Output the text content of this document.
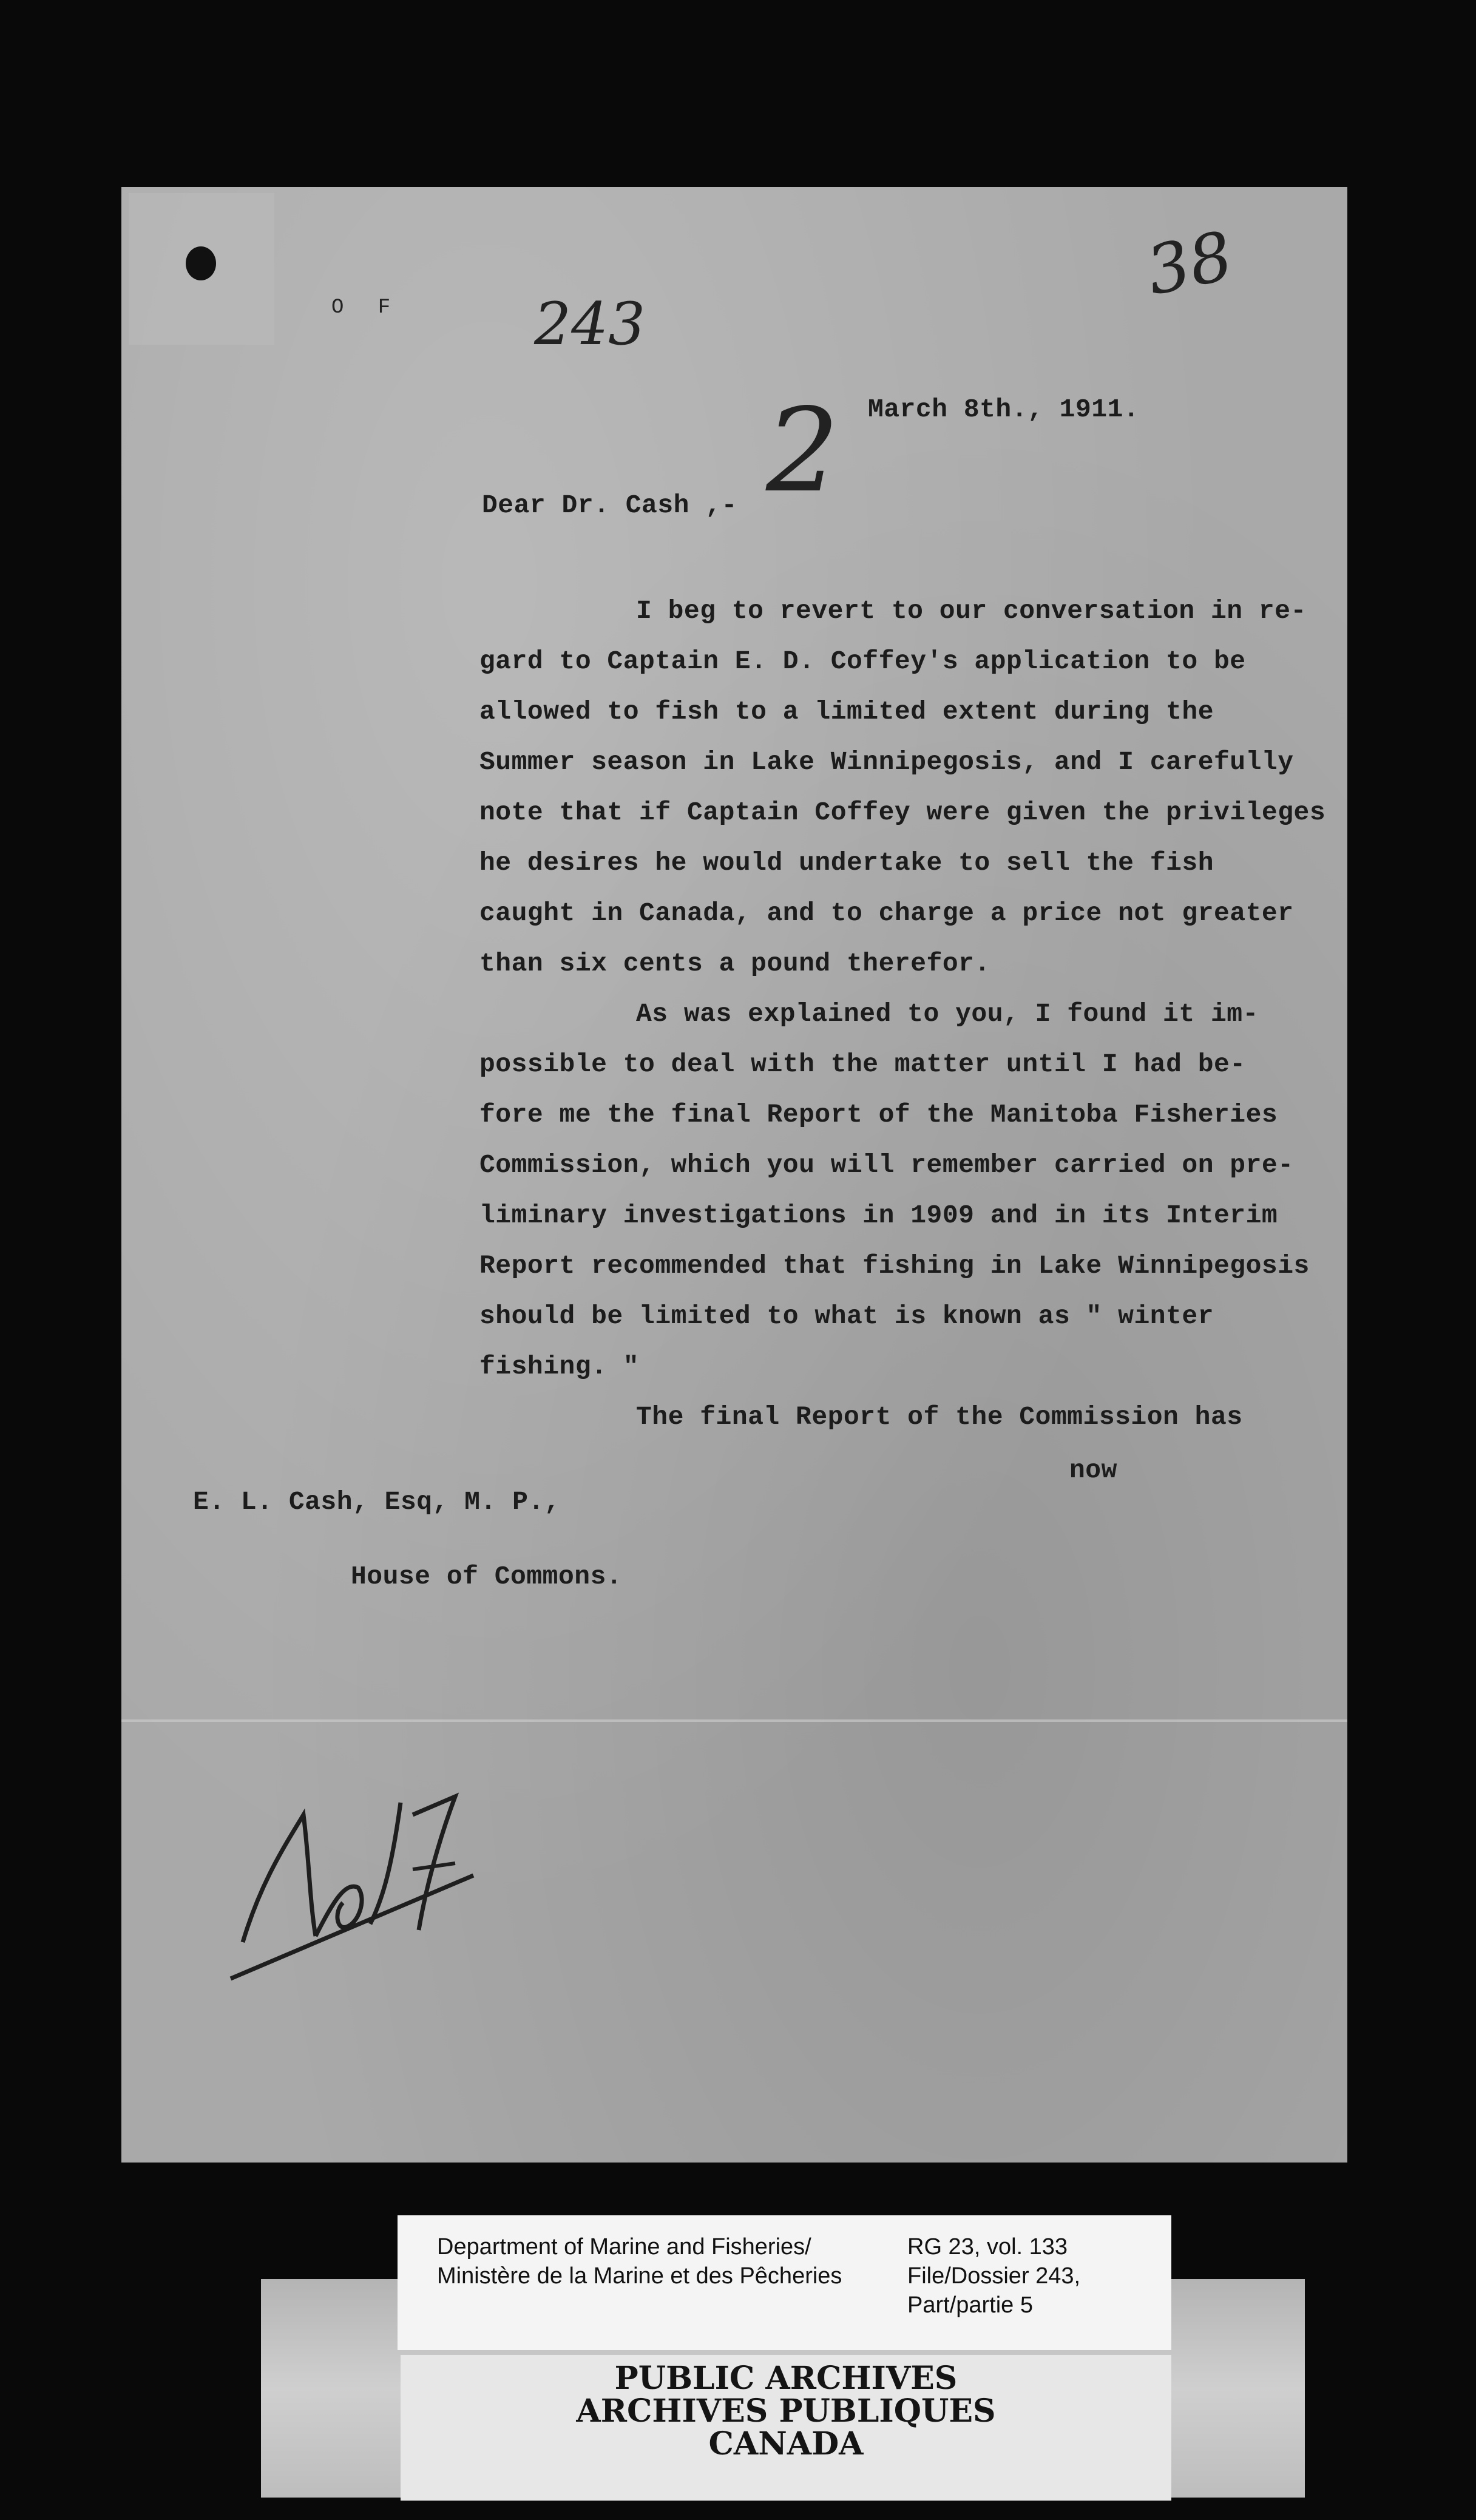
O F 243
2
38
March 8th., 1911.
Dear Dr. Cash ,-
I beg to revert to our conversation in re-
gard to Captain E. D. Coffey's application to be
allowed to fish to a limited extent during the
Summer season in Lake Winnipegosis, and I carefully
note that if Captain Coffey were given the privileges
he desires he would undertake to sell the fish
caught in Canada, and to charge a price not greater
than six cents a pound therefor.
As was explained to you, I found it im-
possible to deal with the matter until I had be-
fore me the final Report of the Manitoba Fisheries
Commission, which you will remember carried on pre-
liminary investigations in 1909 and in its Interim
Report recommended that fishing in Lake Winnipegosis
should be limited to what is known as " winter
fishing. "
The final Report of the Commission has
now
E. L. Cash, Esq, M. P.,
House of Commons.
Department of Marine and Fisheries/
Ministère de la Marine et des Pêcheries
RG 23, vol. 133
File/Dossier 243,
Part/partie 5
PUBLIC ARCHIVES
ARCHIVES PUBLIQUES
CANADA
